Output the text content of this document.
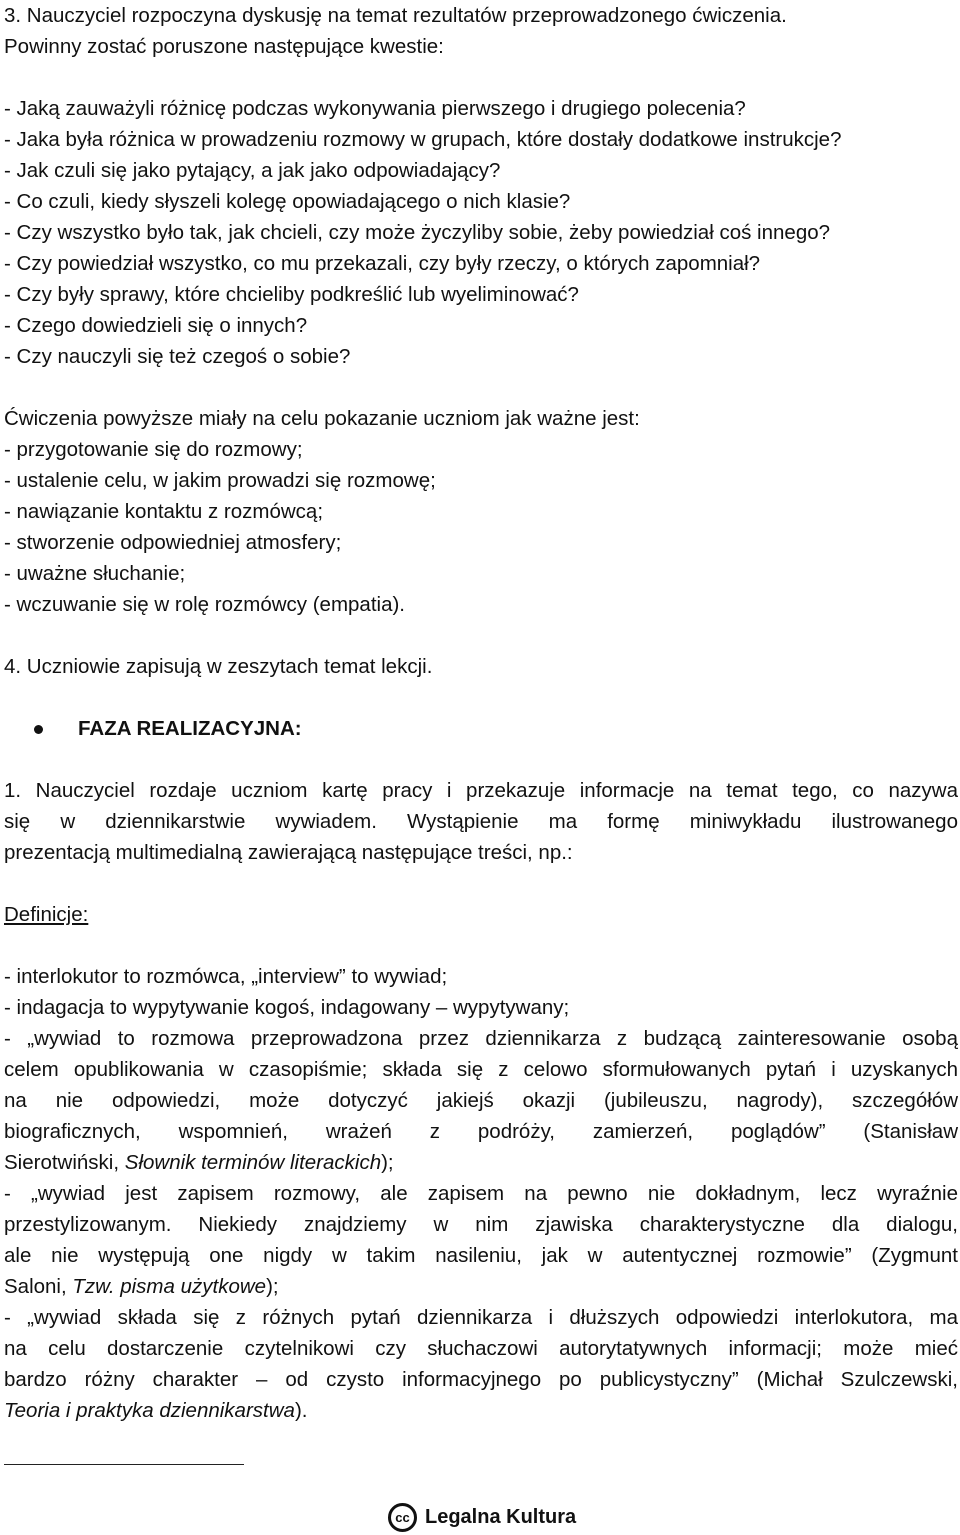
3. Nauczyciel rozpoczyna dyskusję na temat rezultatów przeprowadzonego ćwiczenia.
Powinny zostać poruszone następujące kwestie:
- Jaką zauważyli różnicę podczas wykonywania pierwszego i drugiego polecenia?
- Jaka była różnica w prowadzeniu rozmowy w grupach, które dostały dodatkowe instrukcje?
- Jak czuli się jako pytający, a jak jako odpowiadający?
- Co czuli, kiedy słyszeli kolegę opowiadającego o nich klasie?
- Czy wszystko było tak, jak chcieli, czy może życzyliby sobie, żeby powiedział coś innego?
- Czy powiedział wszystko, co mu przekazali, czy były rzeczy, o których zapomniał?
- Czy były sprawy, które chcieliby podkreślić lub wyeliminować?
- Czego dowiedzieli się o innych?
- Czy nauczyli się też czegoś o sobie?
Ćwiczenia powyższe miały na celu pokazanie uczniom jak ważne jest:
- przygotowanie się do rozmowy;
- ustalenie celu, w jakim prowadzi się rozmowę;
- nawiązanie kontaktu z rozmówcą;
- stworzenie odpowiedniej atmosfery;
- uważne słuchanie;
- wczuwanie się w rolę rozmówcy (empatia).
4. Uczniowie zapisują w zeszytach temat lekcji.
FAZA REALIZACYJNA:
1. Nauczyciel rozdaje uczniom kartę pracy i przekazuje informacje na temat tego, co nazywa
się w dziennikarstwie wywiadem. Wystąpienie ma formę miniwykładu ilustrowanego
prezentacją multimedialną zawierającą następujące treści, np.:
Definicje:
- interlokutor to rozmówca, „interview” to wywiad;
- indagacja to wypytywanie kogoś, indagowany – wypytywany;
- „wywiad to rozmowa przeprowadzona przez dziennikarza z budzącą zainteresowanie osobą
celem opublikowania w czasopiśmie; składa się z celowo sformułowanych pytań i uzyskanych
na nie odpowiedzi, może dotyczyć jakiejś okazji (jubileuszu, nagrody), szczegółów
biograficznych, wspomnień, wrażeń z podróży, zamierzeń, poglądów” (Stanisław
Sierotwiński, Słownik terminów literackich);
- „wywiad jest zapisem rozmowy, ale zapisem na pewno nie dokładnym, lecz wyraźnie
przestylizowanym. Niekiedy znajdziemy w nim zjawiska charakterystyczne dla dialogu,
ale nie występują one nigdy w takim nasileniu, jak w autentycznej rozmowie” (Zygmunt
Saloni, Tzw. pisma użytkowe);
- „wywiad składa się z różnych pytań dziennikarza i dłuższych odpowiedzi interlokutora, ma
na celu dostarczenie czytelnikowi czy słuchaczowi autorytatywnych informacji; może mieć
bardzo różny charakter – od czysto informacyjnego po publicystyczny” (Michał Szulczewski,
Teoria i praktyka dziennikarstwa).
cc Legalna Kultura
